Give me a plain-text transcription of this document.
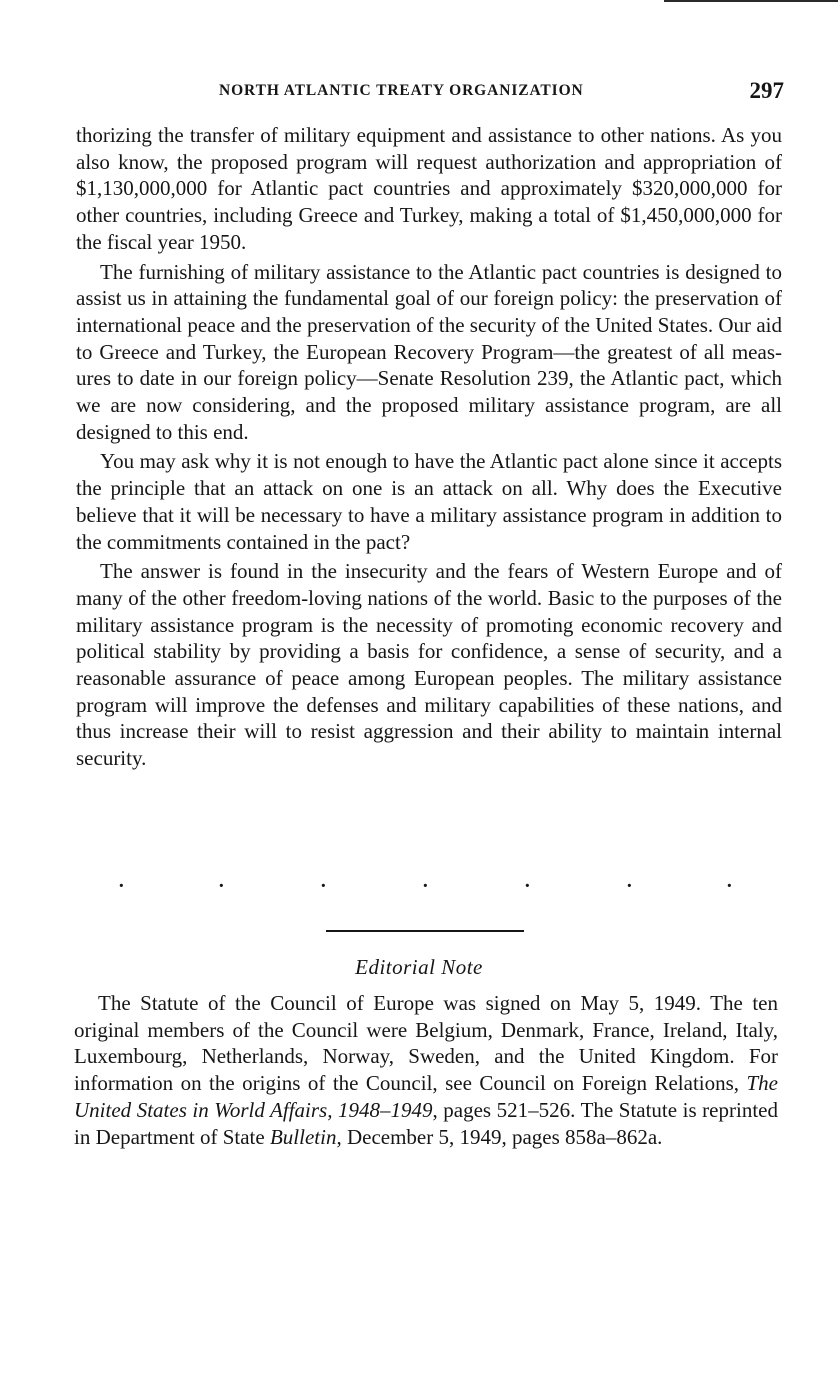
NORTH ATLANTIC TREATY ORGANIZATION	297

thorizing the transfer of military equipment and assistance to other nations. As you also know, the proposed program will request authorization and appropriation of $1,130,000,000 for Atlantic pact countries and approximately $320,000,000 for other countries, including Greece and Turkey, making a total of $1,450,000,000 for the fiscal year 1950.

The furnishing of military assistance to the Atlantic pact countries is designed to assist us in attaining the fundamental goal of our foreign policy: the preservation of international peace and the preservation of the security of the United States. Our aid to Greece and Turkey, the European Recovery Program—the greatest of all measures to date in our foreign policy—Senate Resolution 239, the Atlantic pact, which we are now considering, and the proposed military assistance program, are all designed to this end.

You may ask why it is not enough to have the Atlantic pact alone since it accepts the principle that an attack on one is an attack on all. Why does the Executive believe that it will be necessary to have a military assistance program in addition to the commitments contained in the pact?

The answer is found in the insecurity and the fears of Western Europe and of many of the other freedom-loving nations of the world. Basic to the purposes of the military assistance program is the necessity of promoting economic recovery and political stability by providing a basis for confidence, a sense of security, and a reasonable assurance of peace among European peoples. The military assistance program will improve the defenses and military capabilities of these nations, and thus increase their will to resist aggression and their ability to maintain internal security.

·	·	·	·	·	·	·
Editorial Note

The Statute of the Council of Europe was signed on May 5, 1949. The ten original members of the Council were Belgium, Denmark, France, Ireland, Italy, Luxembourg, Netherlands, Norway, Sweden, and the United Kingdom. For information on the origins of the Council, see Council on Foreign Relations, The United States in World Affairs, 1948–1949, pages 521–526. The Statute is reprinted in Department of State Bulletin, December 5, 1949, pages 858a–862a.
